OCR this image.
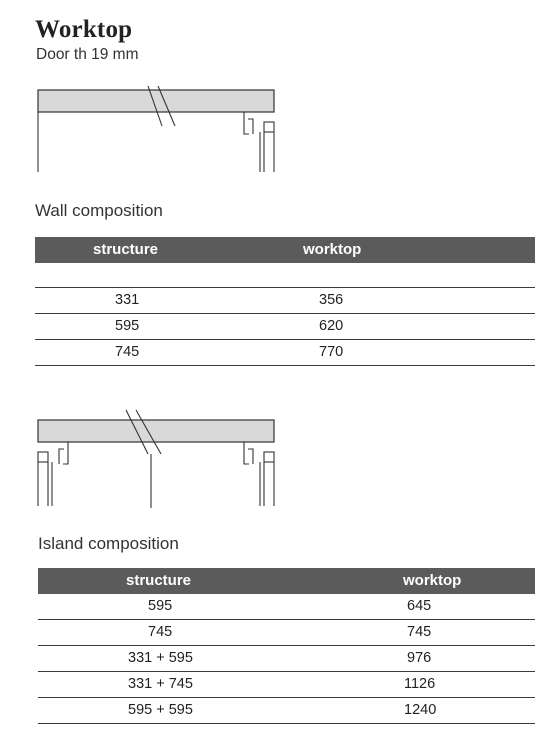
Worktop
Door th 19 mm
Wall composition
structure	worktop
331	356
595	620
745	770
Island composition
structure	worktop
595	645
745	745
331 + 595	976
331 + 745	1126
595 + 595	1240
